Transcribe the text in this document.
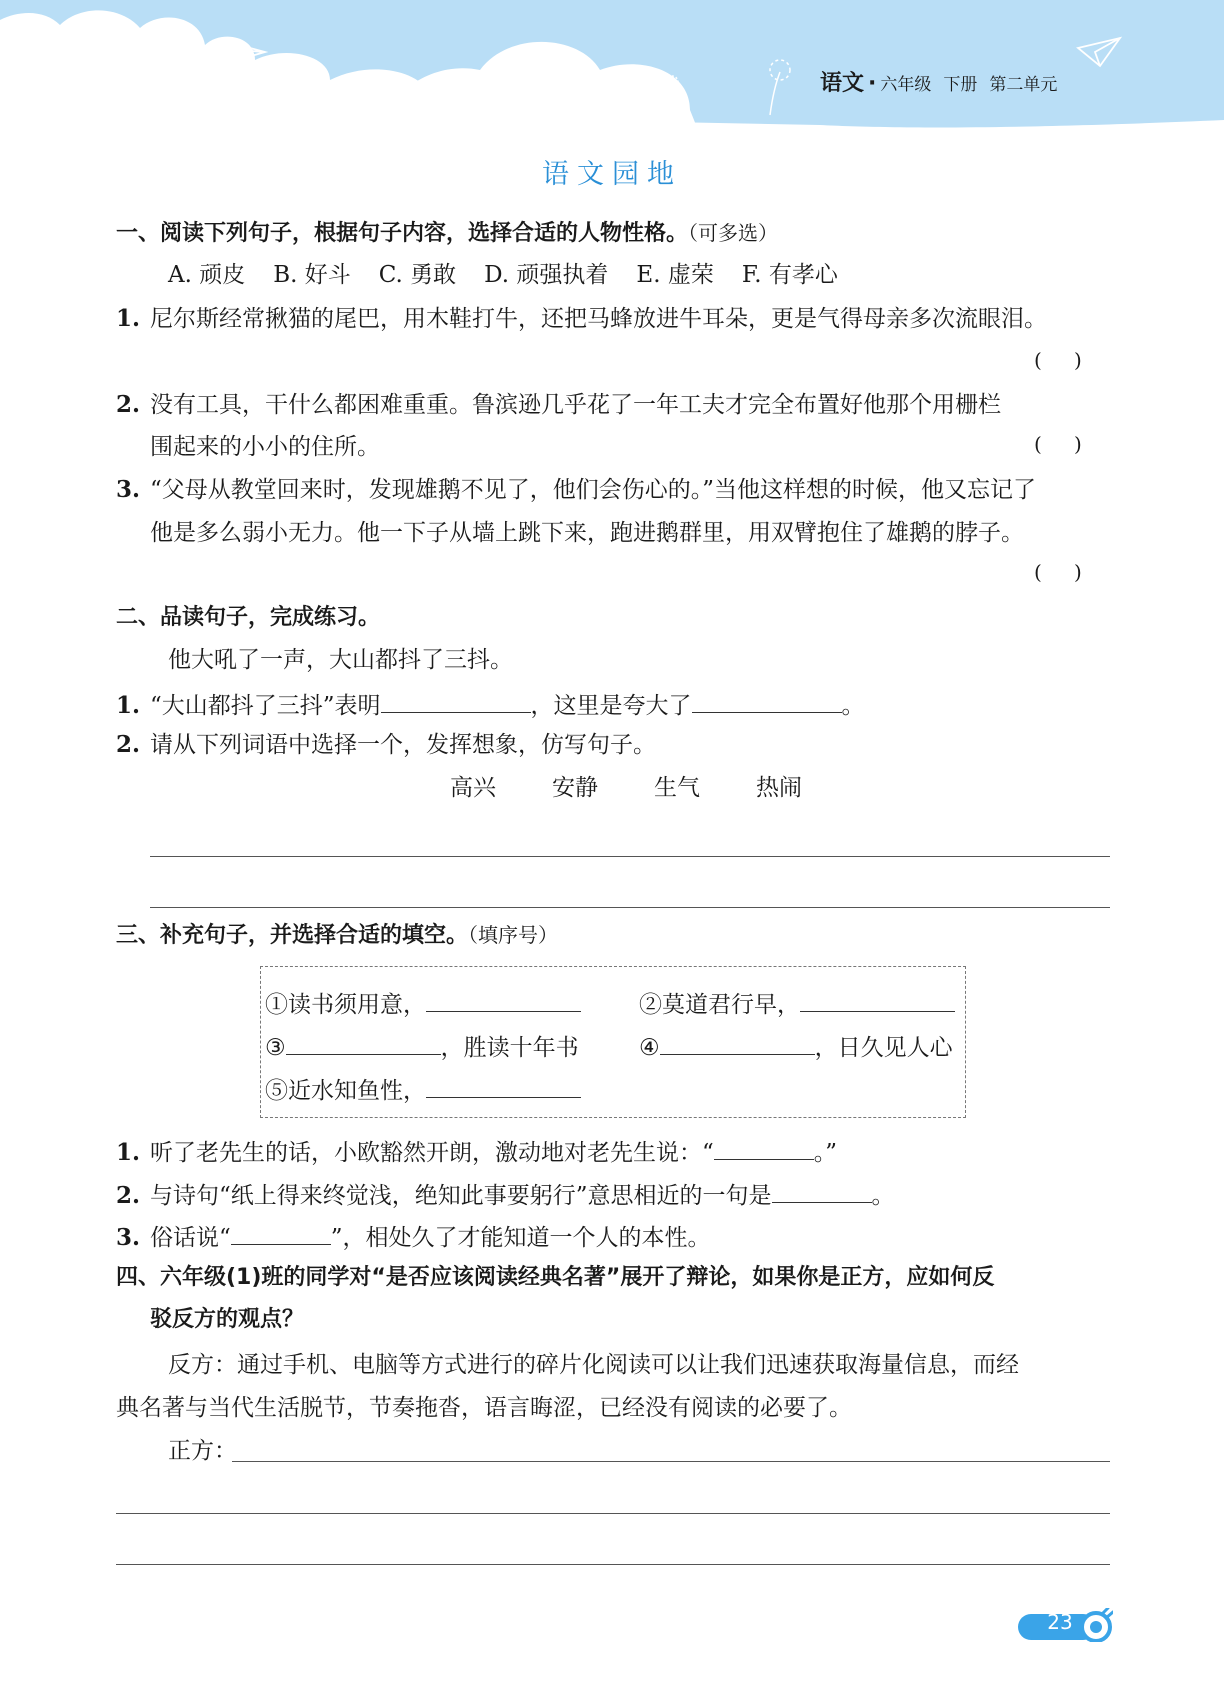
语文 · 六年级 下册 第二单元
语文园地
一、阅读下列句子，根据句子内容，选择合适的人物性格。（可多选）
A. 顽皮 B. 好斗 C. 勇敢 D. 顽强执着 E. 虚荣 F. 有孝心
1. 尼尔斯经常揪猫的尾巴，用木鞋打牛，还把马蜂放进牛耳朵，更是气得母亲多次流眼泪。
( )
2. 没有工具，干什么都困难重重。鲁滨逊几乎花了一年工夫才完全布置好他那个用栅栏
围起来的小小的住所。	( )
3. “父母从教堂回来时，发现雄鹅不见了，他们会伤心的。”当他这样想的时候，他又忘记了
他是多么弱小无力。他一下子从墙上跳下来，跑进鹅群里，用双臂抱住了雄鹅的脖子。
( )
二、品读句子，完成练习。
他大吼了一声，大山都抖了三抖。
1. “大山都抖了三抖”表明	，这里是夸大了	。
2. 请从下列词语中选择一个，发挥想象，仿写句子。
高兴 安静 生气 热闹
三、补充句子，并选择合适的填空。（填序号）
①读书须用意，	②莫道君行早，
③	，胜读十年书	④	，日久见人心
⑤近水知鱼性，
1. 听了老先生的话，小欧豁然开朗，激动地对老先生说：“	。”
2. 与诗句“纸上得来终觉浅，绝知此事要躬行”意思相近的一句是	。
3. 俗话说“	”，相处久了才能知道一个人的本性。
四、六年级(1)班的同学对“是否应该阅读经典名著”展开了辩论，如果你是正方，应如何反
驳反方的观点？
反方：通过手机、电脑等方式进行的碎片化阅读可以让我们迅速获取海量信息，而经
典名著与当代生活脱节，节奏拖沓，语言晦涩，已经没有阅读的必要了。
正方：
23
